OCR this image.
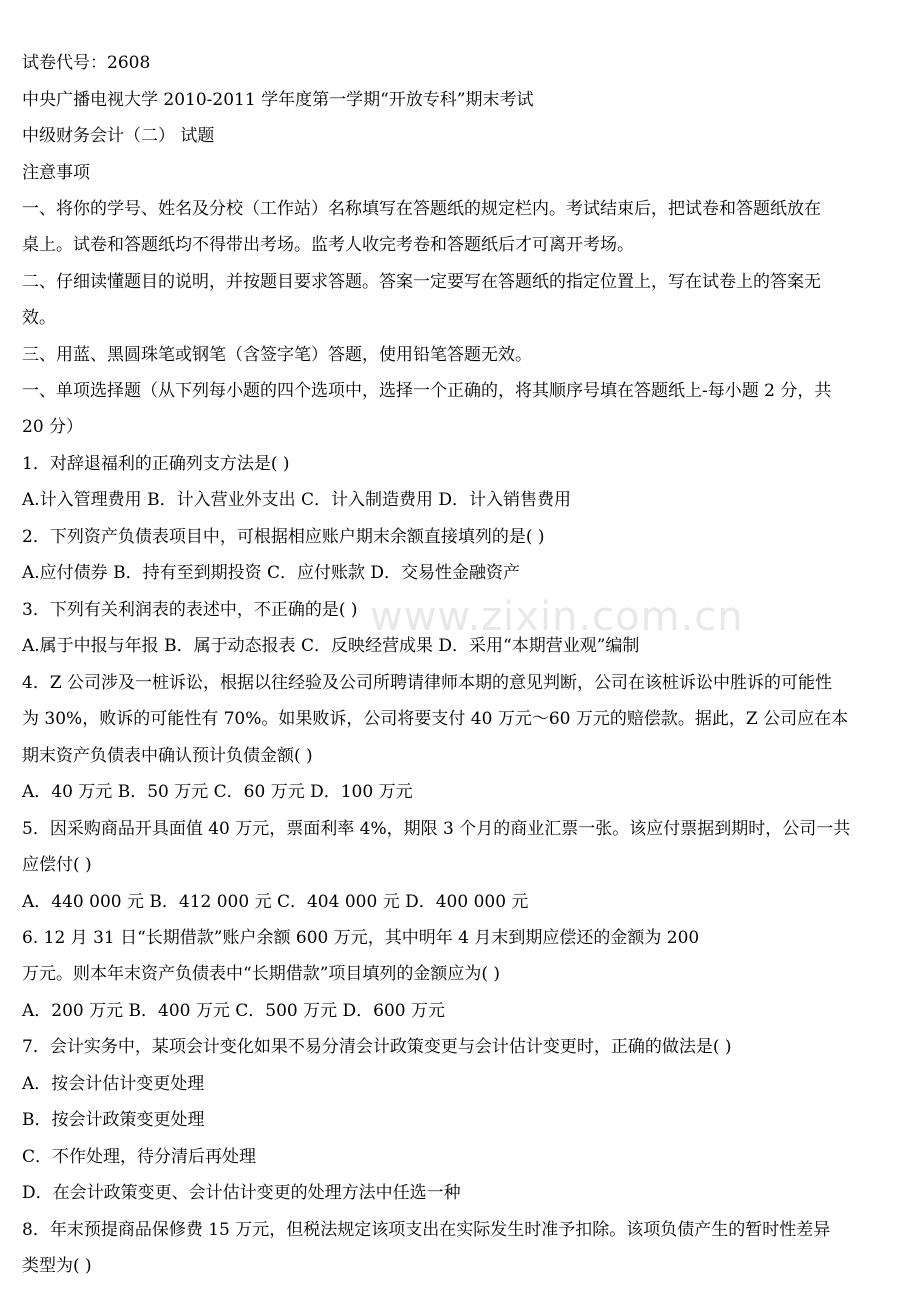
www.zixin.com.cn
试卷代号：2608
中央广播电视大学 2010-2011 学年度第一学期“开放专科”期末考试
中级财务会计（二） 试题
注意事项
一、将你的学号、姓名及分校（工作站）名称填写在答题纸的规定栏内。考试结束后，把试卷和答题纸放在
桌上。试卷和答题纸均不得带出考场。监考人收完考卷和答题纸后才可离开考场。
二、仔细读懂题目的说明，并按题目要求答题。答案一定要写在答题纸的指定位置上，写在试卷上的答案无
效。
三、用蓝、黑圆珠笔或钢笔（含签字笔）答题，使用铅笔答题无效。
一、单项选择题（从下列每小题的四个选项中，选择一个正确的，将其顺序号填在答题纸上-每小题 2 分，共
20 分）
1．对辞退福利的正确列支方法是( )
A.计入管理费用 B．计入营业外支出 C．计入制造费用 D．计入销售费用
2．下列资产负债表项目中，可根据相应账户期末余额直接填列的是( )
A.应付债券 B．持有至到期投资 C．应付账款 D．交易性金融资产
3．下列有关利润表的表述中，不正确的是( )
A.属于中报与年报 B．属于动态报表 C．反映经营成果 D．采用“本期营业观”编制
4．Z 公司涉及一桩诉讼，根据以往经验及公司所聘请律师本期的意见判断，公司在该桩诉讼中胜诉的可能性
为 30%，败诉的可能性有 70%。如果败诉，公司将要支付 40 万元～60 万元的赔偿款。据此，Z 公司应在本
期末资产负债表中确认预计负债金额( )
A．40 万元 B．50 万元 C．60 万元 D．100 万元
5．因采购商品开具面值 40 万元，票面利率 4%，期限 3 个月的商业汇票一张。该应付票据到期时，公司一共
应偿付( )
A．440 000 元 B．412 000 元 C．404 000 元 D．400 000 元
6. 12 月 31 日“长期借款”账户余额 600 万元，其中明年 4 月末到期应偿还的金额为 200
万元。则本年末资产负债表中“长期借款”项目填列的金额应为( )
A．200 万元 B．400 万元 C．500 万元 D．600 万元
7．会计实务中，某项会计变化如果不易分清会计政策变更与会计估计变更时，正确的做法是( )
A．按会计估计变更处理
B．按会计政策变更处理
C．不作处理，待分清后再处理
D．在会计政策变更、会计估计变更的处理方法中任选一种
8．年末预提商品保修费 15 万元，但税法规定该项支出在实际发生时准予扣除。该项负债产生的暂时性差异
类型为( )
